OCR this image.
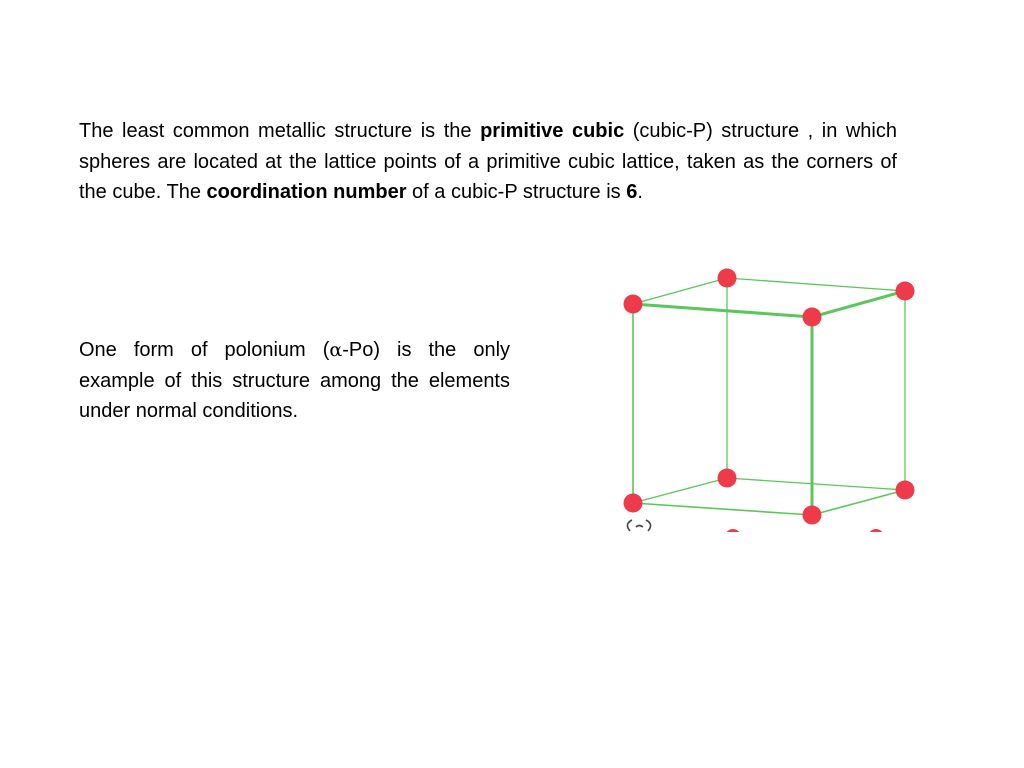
The least common metallic structure is the primitive cubic (cubic-P) structure , in which spheres are located at the lattice points of a primitive cubic lattice, taken as the corners of the cube. The coordination number of a cubic-P structure is 6.

One form of polonium (α-Po) is the only example of this structure among the elements under normal conditions.
